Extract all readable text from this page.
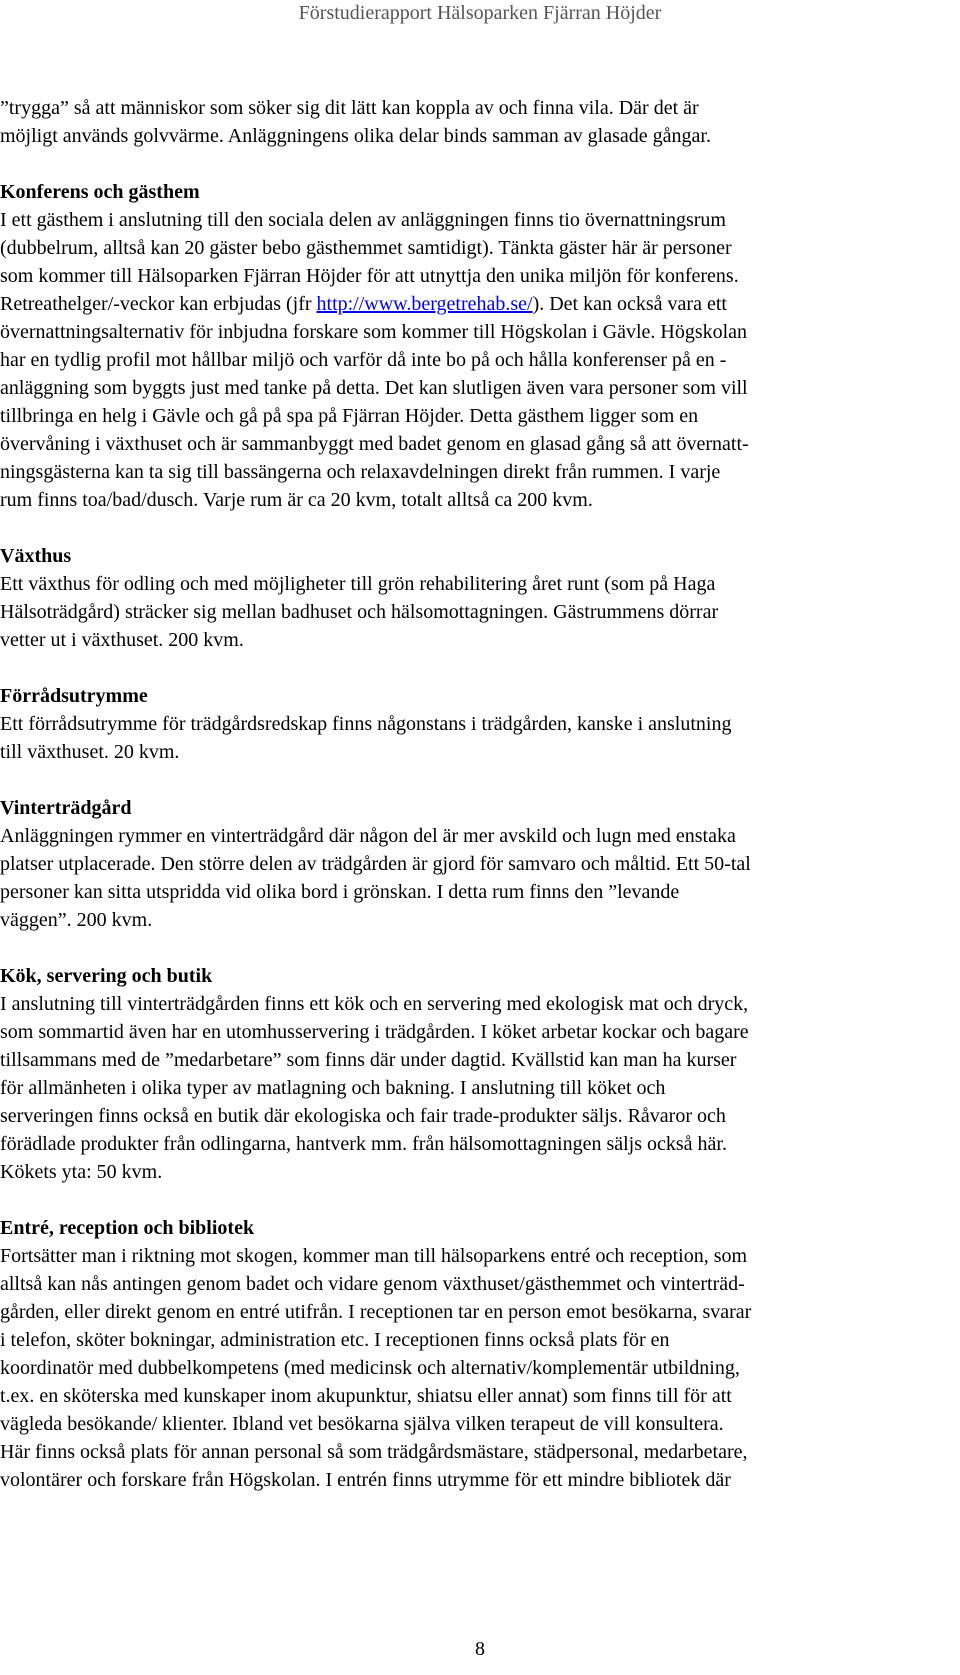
Förstudierapport Hälsoparken Fjärran Höjder

”trygga” så att människor som söker sig dit lätt kan koppla av och finna vila. Där det är
möjligt används golvvärme. Anläggningens olika delar binds samman av glasade gångar.

Konferens och gästhem
I ett gästhem i anslutning till den sociala delen av anläggningen finns tio övernattningsrum
(dubbelrum, alltså kan 20 gäster bebo gästhemmet samtidigt). Tänkta gäster här är personer
som kommer till Hälsoparken Fjärran Höjder för att utnyttja den unika miljön för konferens.
Retreathelger/-veckor kan erbjudas (jfr http://www.bergetrehab.se/). Det kan också vara ett
övernattningsalternativ för inbjudna forskare som kommer till Högskolan i Gävle. Högskolan
har en tydlig profil mot hållbar miljö och varför då inte bo på och hålla konferenser på en -
anläggning som byggts just med tanke på detta. Det kan slutligen även vara personer som vill
tillbringa en helg i Gävle och gå på spa på Fjärran Höjder. Detta gästhem ligger som en
övervåning i växthuset och är sammanbyggt med badet genom en glasad gång så att övernatt-
ningsgästerna kan ta sig till bassängerna och relaxavdelningen direkt från rummen. I varje
rum finns toa/bad/dusch. Varje rum är ca 20 kvm, totalt alltså ca 200 kvm.

Växthus
Ett växthus för odling och med möjligheter till grön rehabilitering året runt (som på Haga
Hälsoträdgård) sträcker sig mellan badhuset och hälsomottagningen. Gästrummens dörrar
vetter ut i växthuset. 200 kvm.

Förrådsutrymme
Ett förrådsutrymme för trädgårdsredskap finns någonstans i trädgården, kanske i anslutning
till växthuset. 20 kvm.

Vinterträdgård
Anläggningen rymmer en vinterträdgård där någon del är mer avskild och lugn med enstaka
platser utplacerade. Den större delen av trädgården är gjord för samvaro och måltid. Ett 50-tal
personer kan sitta utspridda vid olika bord i grönskan. I detta rum finns den ”levande
väggen”. 200 kvm.

Kök, servering och butik
I anslutning till vinterträdgården finns ett kök och en servering med ekologisk mat och dryck,
som sommartid även har en utomhusservering i trädgården. I köket arbetar kockar och bagare
tillsammans med de ”medarbetare” som finns där under dagtid. Kvällstid kan man ha kurser
för allmänheten i olika typer av matlagning och bakning. I anslutning till köket och
serveringen finns också en butik där ekologiska och fair trade-produkter säljs. Råvaror och
förädlade produkter från odlingarna, hantverk mm. från hälsomottagningen säljs också här.
Kökets yta: 50 kvm.

Entré, reception och bibliotek
Fortsätter man i riktning mot skogen, kommer man till hälsoparkens entré och reception, som
alltså kan nås antingen genom badet och vidare genom växthuset/gästhemmet och vinterträd-
gården, eller direkt genom en entré utifrån. I receptionen tar en person emot besökarna, svarar
i telefon, sköter bokningar, administration etc. I receptionen finns också plats för en
koordinatör med dubbelkompetens (med medicinsk och alternativ/komplementär utbildning,
t.ex. en sköterska med kunskaper inom akupunktur, shiatsu eller annat) som finns till för att
vägleda besökande/ klienter. Ibland vet besökarna själva vilken terapeut de vill konsultera.
Här finns också plats för annan personal så som trädgårdsmästare, städpersonal, medarbetare,
volontärer och forskare från Högskolan. I entrén finns utrymme för ett mindre bibliotek där

8
